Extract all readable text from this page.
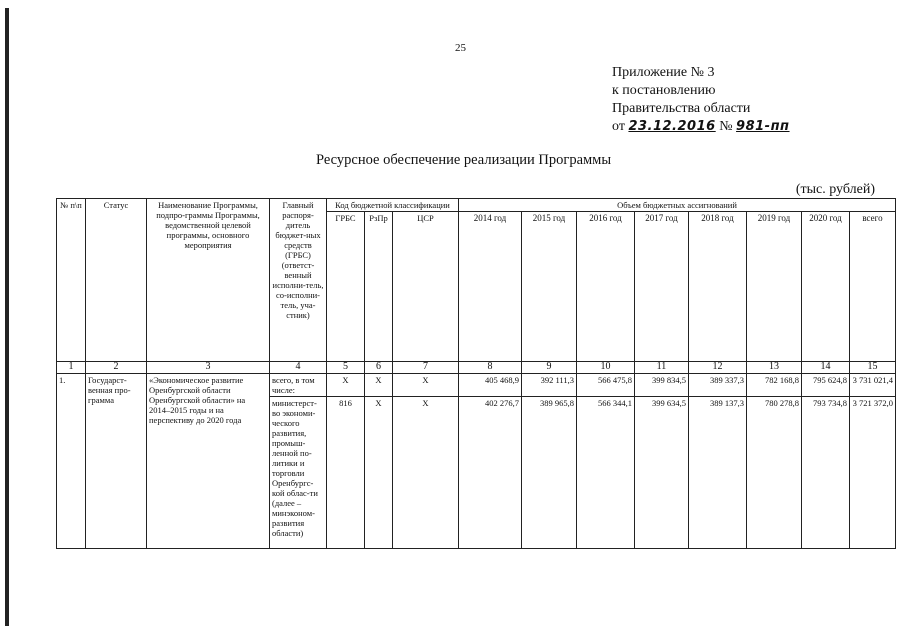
25
Приложение № 3
к постановлению
Правительства области
от 23.12.2016 № 981-пп
Ресурсное обеспечение реализации Программы
(тыс. рублей)
№ п\п	Статус	Наименование Программы, подпро-граммы Программы, ведомственной целевой программы, основного мероприятия	Главный распоря-дитель бюджет-ных средств (ГРБС) (ответст-венный исполни-тель, со-исполни-тель, уча-стник)	Код бюджетной классификации			Объем бюджетных ассигнований							
				ГРБС	РзПр	ЦСР	2014 год	2015 год	2016 год	2017 год	2018 год	2019 год	2020 год	всего
1	2	3	4	5	6	7	8	9	10	11	12	13	14	15
1.	Государст-венная про-грамма	«Экономическое развитие Оренбургской области Оренбургской области» на 2014–2015 годы и на перспективу до 2020 года	всего, в том числе:	Х	Х	Х	405 468,9	392 111,3	566 475,8	399 834,5	389 337,3	782 168,8	795 624,8	3 731 021,4
			министерст-во экономи-ческого развития, промыш-ленной по-литики и торговли Оренбургс-кой облас-ти (далее – минэконом-развития области)	816	Х	Х	402 276,7	389 965,8	566 344,1	399 634,5	389 137,3	780 278,8	793 734,8	3 721 372,0
